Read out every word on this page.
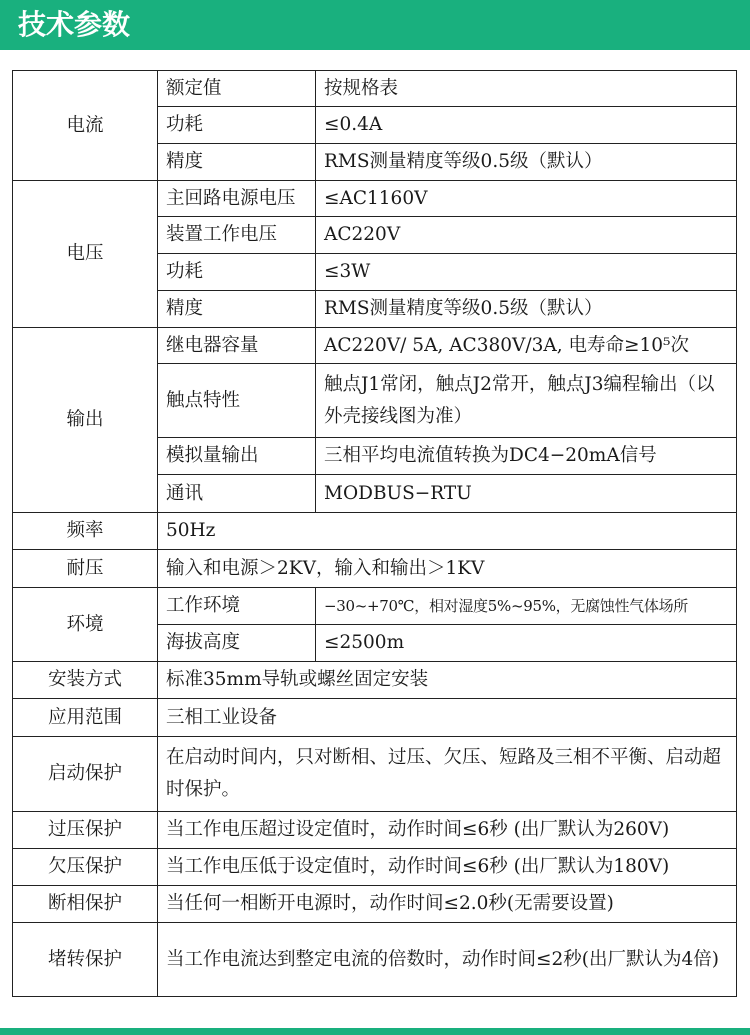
技术参数
电流	额定值	按规格表
	功耗	≤0.4A
	精度	RMS测量精度等级0.5级（默认）
电压	主回路电源电压	≤AC1160V
	装置工作电压	AC220V
	功耗	≤3W
	精度	RMS测量精度等级0.5级（默认）
输出	继电器容量	AC220V/ 5A, AC380V/3A, 电寿命≥10⁵次
	触点特性	触点J1常闭，触点J2常开，触点J3编程输出（以外壳接线图为准）
	模拟量输出	三相平均电流值转换为DC4−20mA信号
	通讯	MODBUS−RTU
频率	50Hz	
耐压	输入和电源＞2KV，输入和输出＞1KV	
环境	工作环境	−30~+70℃，相对湿度5%~95%，无腐蚀性气体场所
	海拔高度	≤2500m
安装方式	标准35mm导轨或螺丝固定安装	
应用范围	三相工业设备	
启动保护	在启动时间内，只对断相、过压、欠压、短路及三相不平衡、启动超时保护。	
过压保护	当工作电压超过设定值时，动作时间≤6秒 (出厂默认为260V)	
欠压保护	当工作电压低于设定值时，动作时间≤6秒 (出厂默认为180V)	
断相保护	当任何一相断开电源时，动作时间≤2.0秒(无需要设置)	
堵转保护	当工作电流达到整定电流的倍数时，动作时间≤2秒(出厂默认为4倍)	
